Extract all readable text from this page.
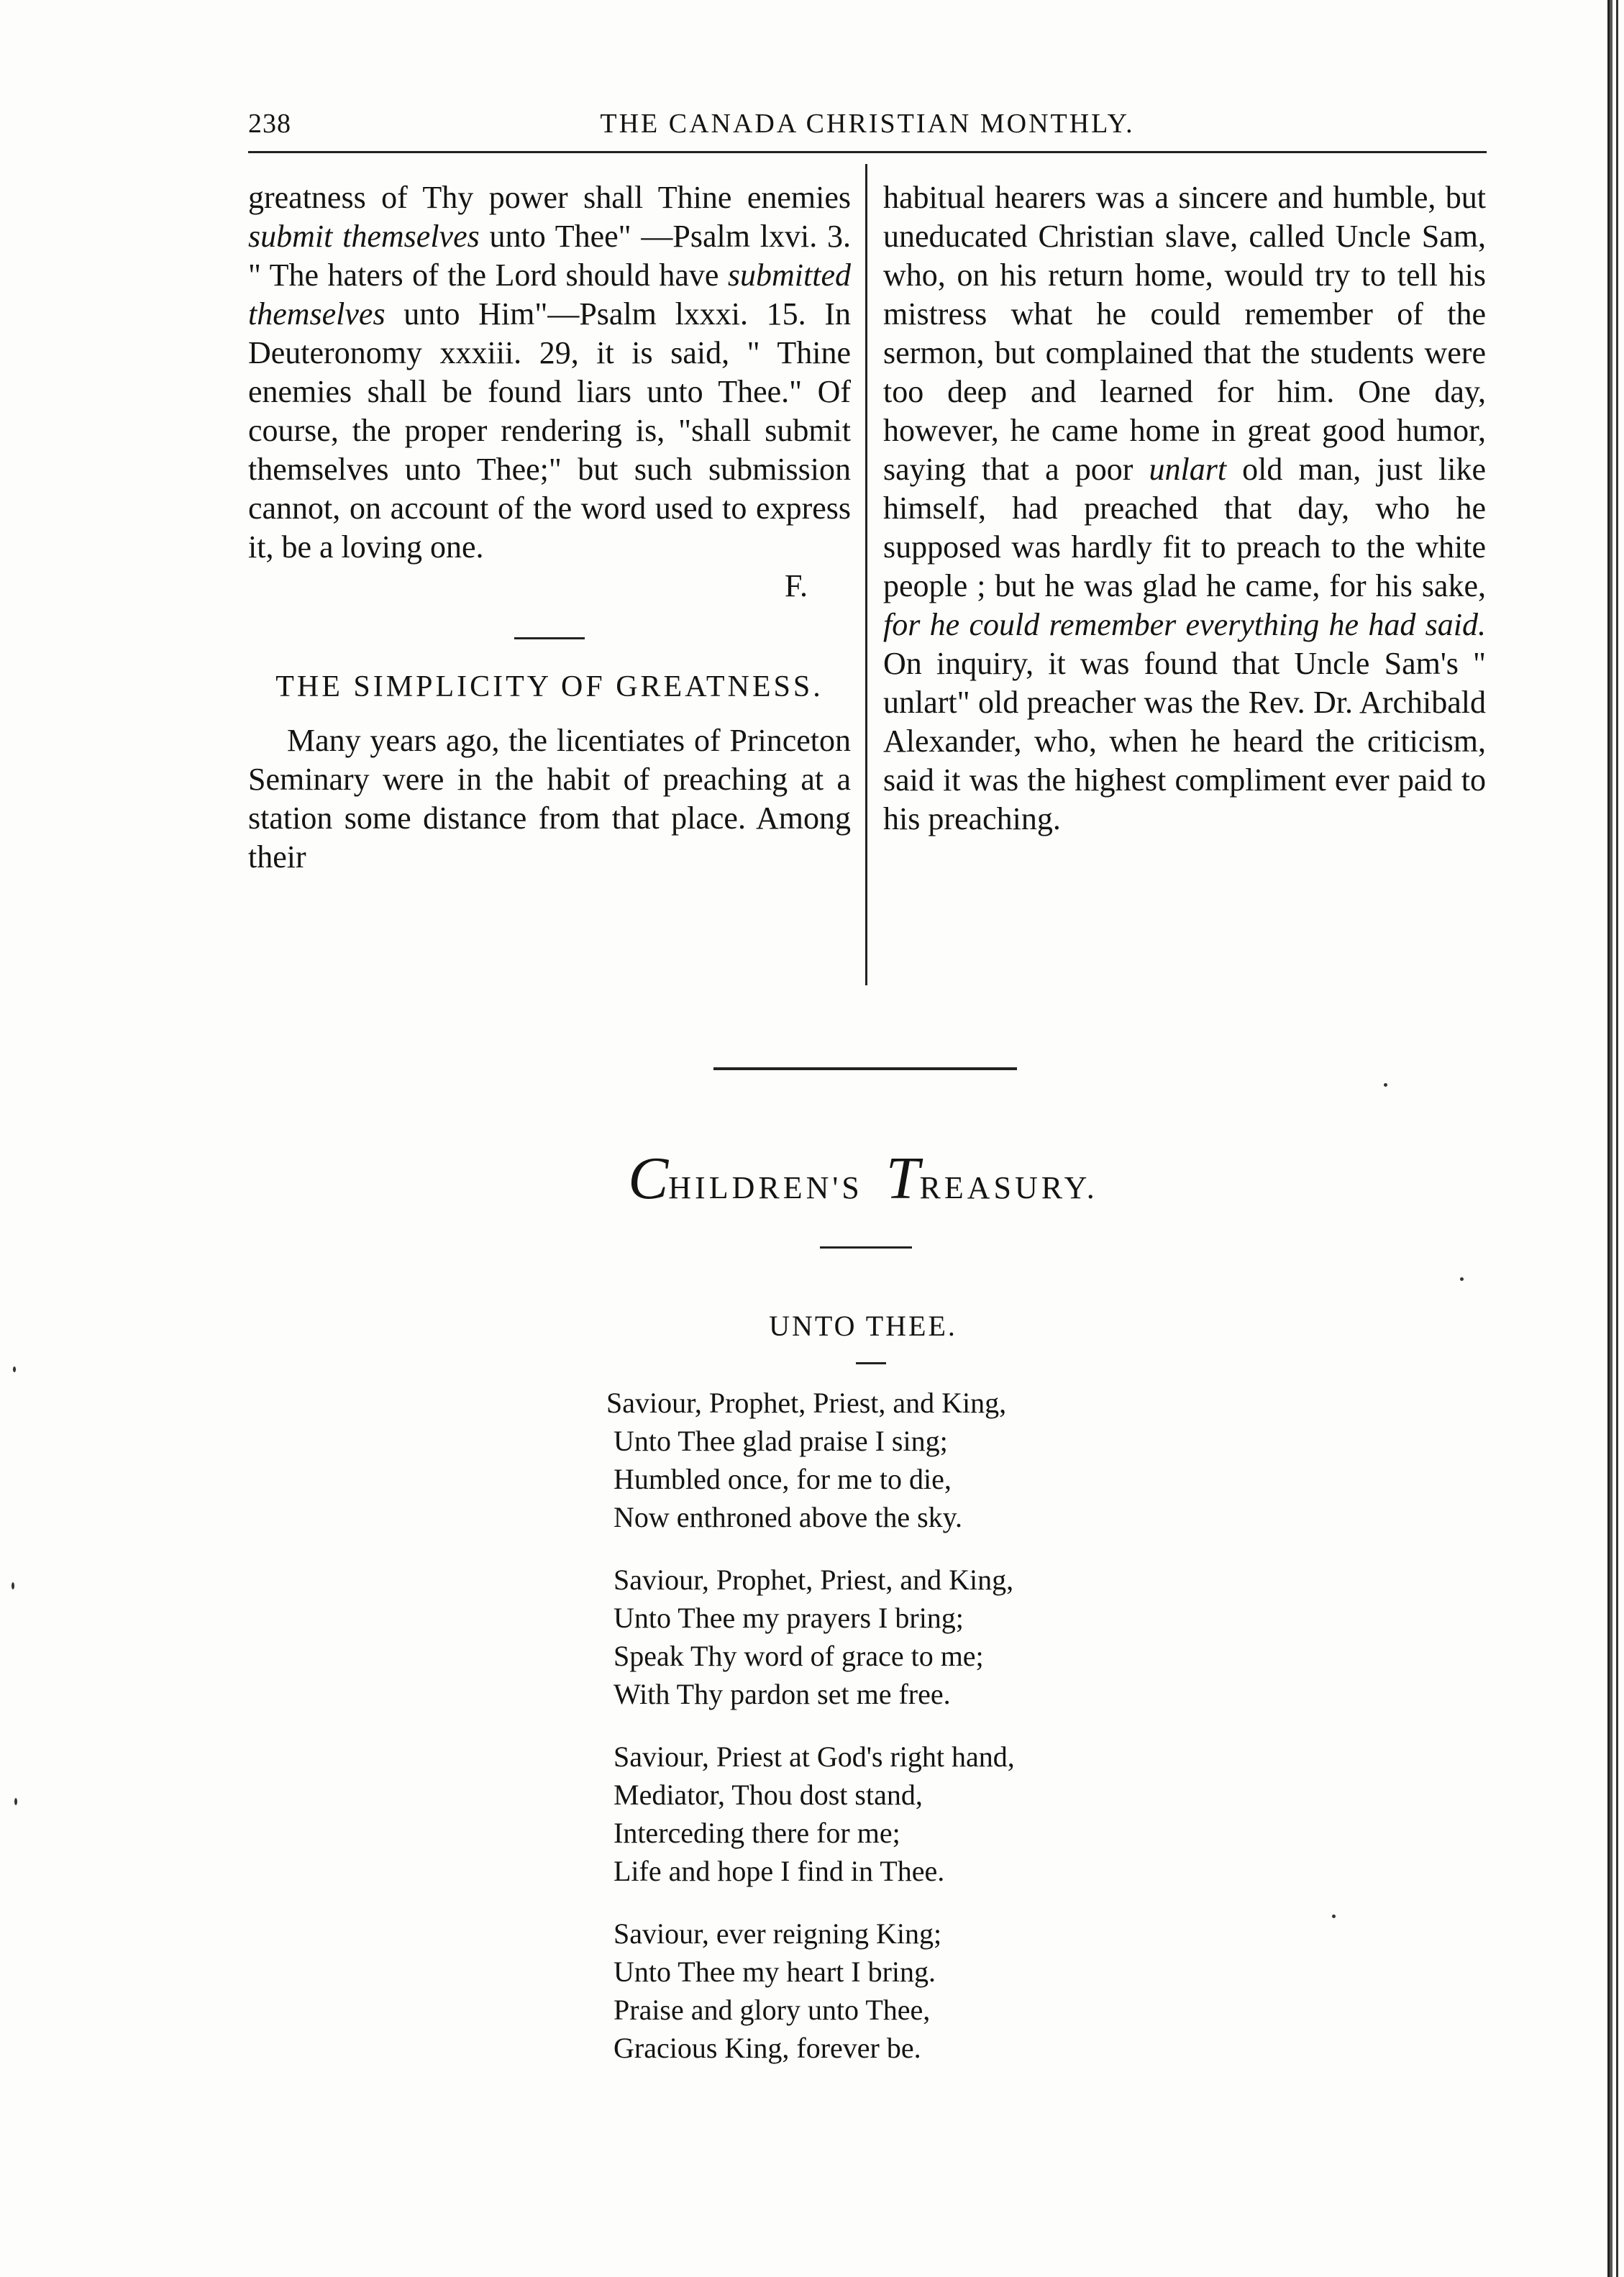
238	THE CANADA CHRISTIAN MONTHLY.

greatness of Thy power shall Thine enemies submit themselves unto Thee" —Psalm lxvi. 3. " The haters of the Lord should have submitted themselves unto Him"—Psalm lxxxi. 15. In Deuteronomy xxxiii. 29, it is said, " Thine enemies shall be found liars unto Thee." Of course, the proper rendering is, "shall submit themselves unto Thee;" but such submission cannot, on account of the word used to express it, be a loving one.

F.

THE SIMPLICITY OF GREATNESS.

Many years ago, the licentiates of Princeton Seminary were in the habit of preaching at a station some distance from that place. Among their

habitual hearers was a sincere and humble, but uneducated Christian slave, called Uncle Sam, who, on his return home, would try to tell his mistress what he could remember of the sermon, but complained that the students were too deep and learned for him. One day, however, he came home in great good humor, saying that a poor unlart old man, just like himself, had preached that day, who he supposed was hardly fit to preach to the white people ; but he was glad he came, for his sake, for he could remember everything he had said. On inquiry, it was found that Uncle Sam's " unlart" old preacher was the Rev. Dr. Archibald Alexander, who, when he heard the criticism, said it was the highest compliment ever paid to his preaching.

CHILDREN'S TREASURY.
UNTO THEE.
Saviour, Prophet, Priest, and King,
Unto Thee glad praise I sing;
Humbled once, for me to die,
Now enthroned above the sky.
Saviour, Prophet, Priest, and King,
Unto Thee my prayers I bring;
Speak Thy word of grace to me;
With Thy pardon set me free.
Saviour, Priest at God's right hand,
Mediator, Thou dost stand,
Interceding there for me;
Life and hope I find in Thee.
Saviour, ever reigning King;
Unto Thee my heart I bring.
Praise and glory unto Thee,
Gracious King, forever be.
